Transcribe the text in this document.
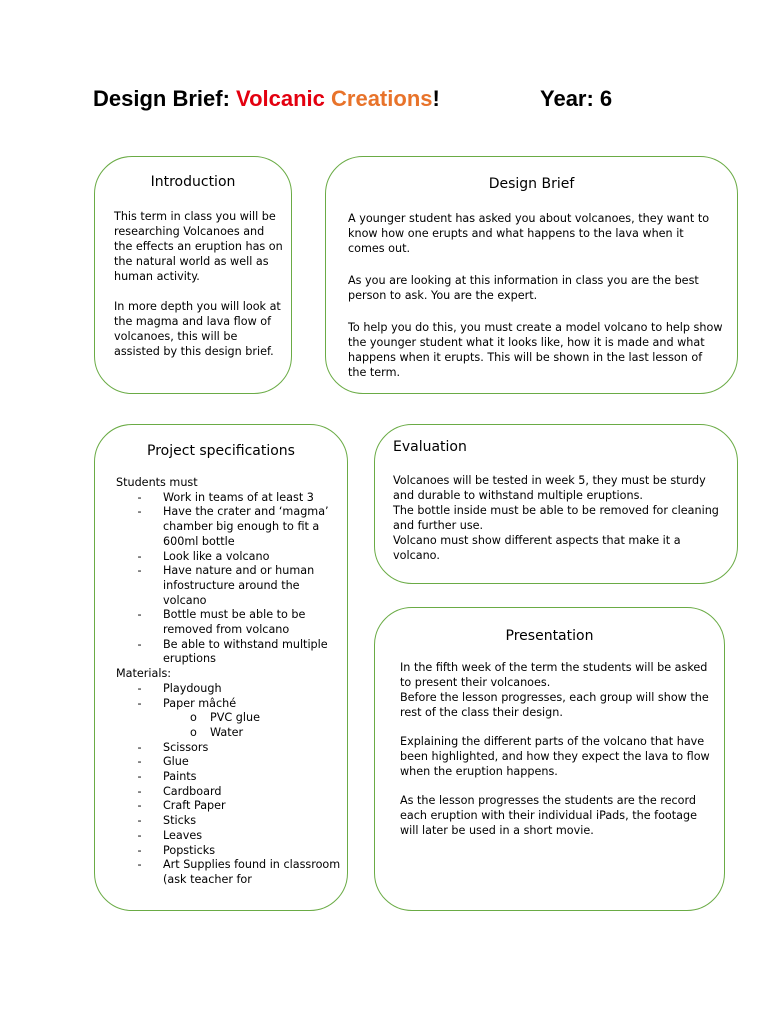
Design Brief: Volcanic Creations!	Year: 6
Introduction

This term in class you will be researching Volcanoes and the effects an eruption has on the natural world as well as human activity.

In more depth you will look at the magma and lava flow of volcanoes, this will be assisted by this design brief.

Design Brief

A younger student has asked you about volcanoes, they want to know how one erupts and what happens to the lava when it comes out.

As you are looking at this information in class you are the best person to ask. You are the expert.

To help you do this, you must create a model volcano to help show the younger student what it looks like, how it is made and what happens when it erupts. This will be shown in the last lesson of the term.

Project specifications
Students must
-	Work in teams of at least 3
-	Have the crater and ‘magma’ chamber big enough to fit a 600ml bottle
-	Look like a volcano
-	Have nature and or human infostructure around the volcano
-	Bottle must be able to be removed from volcano
-	Be able to withstand multiple eruptions
Materials:
-	Playdough
-	Paper mâché
o	PVC glue
o	Water
-	Scissors
-	Glue
-	Paints
-	Cardboard
-	Craft Paper
-	Sticks
-	Leaves
-	Popsticks
-	Art Supplies found in classroom (ask teacher for
Evaluation
Volcanoes will be tested in week 5, they must be sturdy and durable to withstand multiple eruptions.
The bottle inside must be able to be removed for cleaning and further use.
Volcano must show different aspects that make it a volcano.
Presentation

In the fifth week of the term the students will be asked to present their volcanoes.
Before the lesson progresses, each group will show the rest of the class their design.

Explaining the different parts of the volcano that have been highlighted, and how they expect the lava to flow when the eruption happens.

As the lesson progresses the students are the record each eruption with their individual iPads, the footage will later be used in a short movie.
